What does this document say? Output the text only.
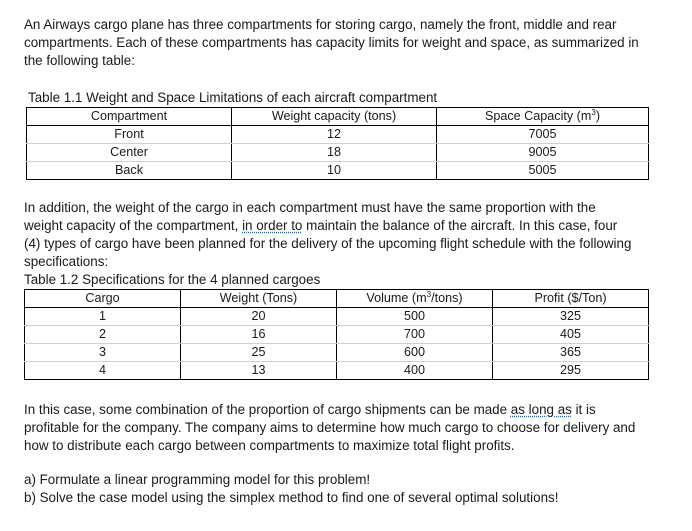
An Airways cargo plane has three compartments for storing cargo, namely the front, middle and rear
compartments. Each of these compartments has capacity limits for weight and space, as summarized in
the following table:
Table 1.1 Weight and Space Limitations of each aircraft compartment
Compartment	Weight capacity (tons)	Space Capacity $(m^3)$
Front	12	7005
Center	18	9005
Back	10	5005
In addition, the weight of the cargo in each compartment must have the same proportion with the
weight capacity of the compartment, in order to maintain the balance of the aircraft. In this case, four
(4) types of cargo have been planned for the delivery of the upcoming flight schedule with the following
specifications:
Table 1.2 Specifications for the 4 planned cargoes
Cargo	Weight (Tons)	Volume $(m^3/tons)$	Profit ($/Ton)
1	20	500	325
2	16	700	405
3	25	600	365
4	13	400	295
In this case, some combination of the proportion of cargo shipments can be made as long as it is
profitable for the company. The company aims to determine how much cargo to choose for delivery and
how to distribute each cargo between compartments to maximize total flight profits.
a) Formulate a linear programming model for this problem!
b) Solve the case model using the simplex method to find one of several optimal solutions!
